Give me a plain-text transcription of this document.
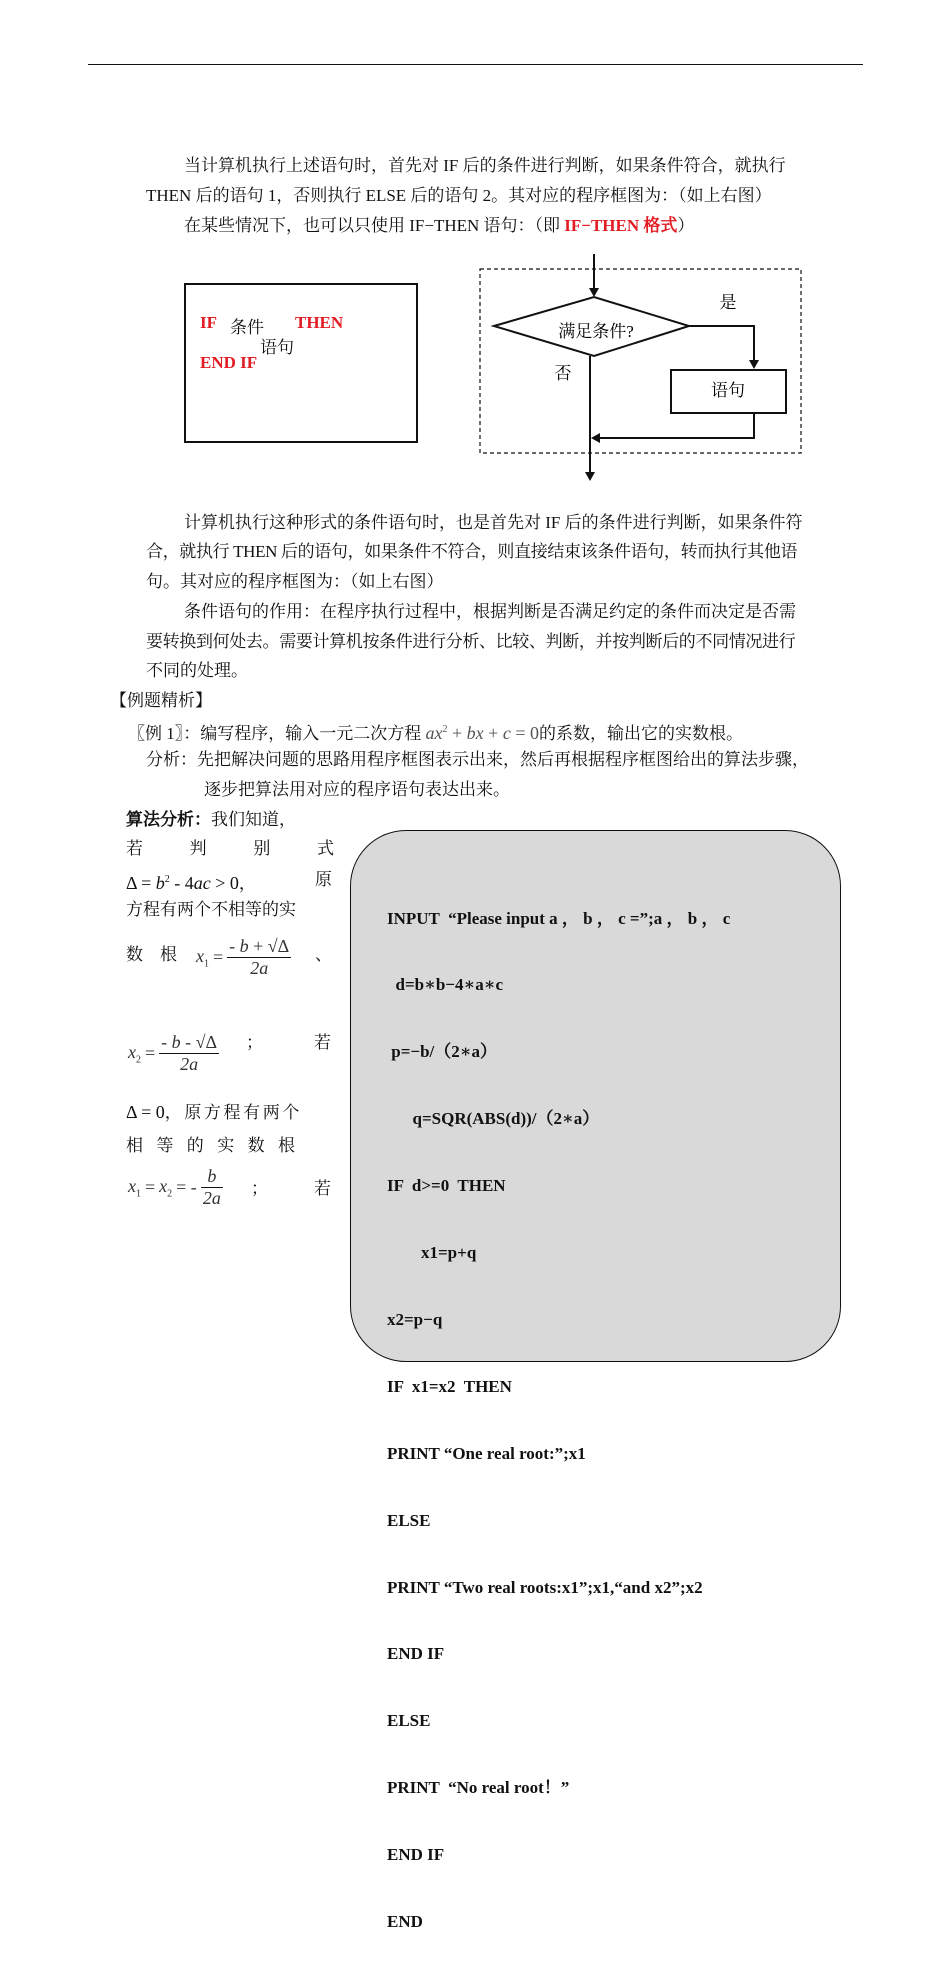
当计算机执行上述语句时，首先对 IF 后的条件进行判断，如果条件符合，就执行
THEN 后的语句 1，否则执行 ELSE 后的语句 2。其对应的程序框图为：（如上右图）
在某些情况下，也可以只使用 IF−THEN 语句：（即 IF−THEN 格式）
IF 条件 THEN
语句
END IF
满足条件?
是
语句
否
计算机执行这种形式的条件语句时，也是首先对 IF 后的条件进行判断，如果条件符
合，就执行 THEN 后的语句，如果条件不符合，则直接结束该条件语句，转而执行其他语
句。其对应的程序框图为：（如上右图）
条件语句的作用：在程序执行过程中，根据判断是否满足约定的条件而决定是否需
要转换到何处去。需要计算机按条件进行分析、比较、判断，并按判断后的不同情况进行
不同的处理。
【例题精析】
〖例 1〗：编写程序，输入一元二次方程 $ax^2$ + bx + c = 0的系数，输出它的实数根。
分析：先把解决问题的思路用程序框图表示出来，然后再根据程序框图给出的算法步骤，
逐步把算法用对应的程序语句表达出来。
算法分析：我们知道，
若	判	别	式
$\Delta = b^2 - 4ac > 0$，	原
方程有两个不相等的实
数 根 $x_1 = \frac{- b + √\Delta}{2a}$ 、
$x_2 = \frac{- b - √\Delta}{2a}$ ；	若
Δ = 0，原方程有两个
相等的实数根
$x_1 = x_2$ = - $\frac{b}{2a}$ ；	若

INPUT  “Please input a ， b ， c =”;a ， b ， c

d=b∗b−4∗a∗c

p=−b/（2∗a）

q=SQR(ABS(d))/（2∗a）

IF  d>=0  THEN

x1=p+q

x2=p−q

IF  x1=x2  THEN

PRINT “One real root:”;x1

ELSE

PRINT “Two real roots:x1”;x1,“and x2”;x2

END IF

ELSE

PRINT  “No real root！”

END IF

END
